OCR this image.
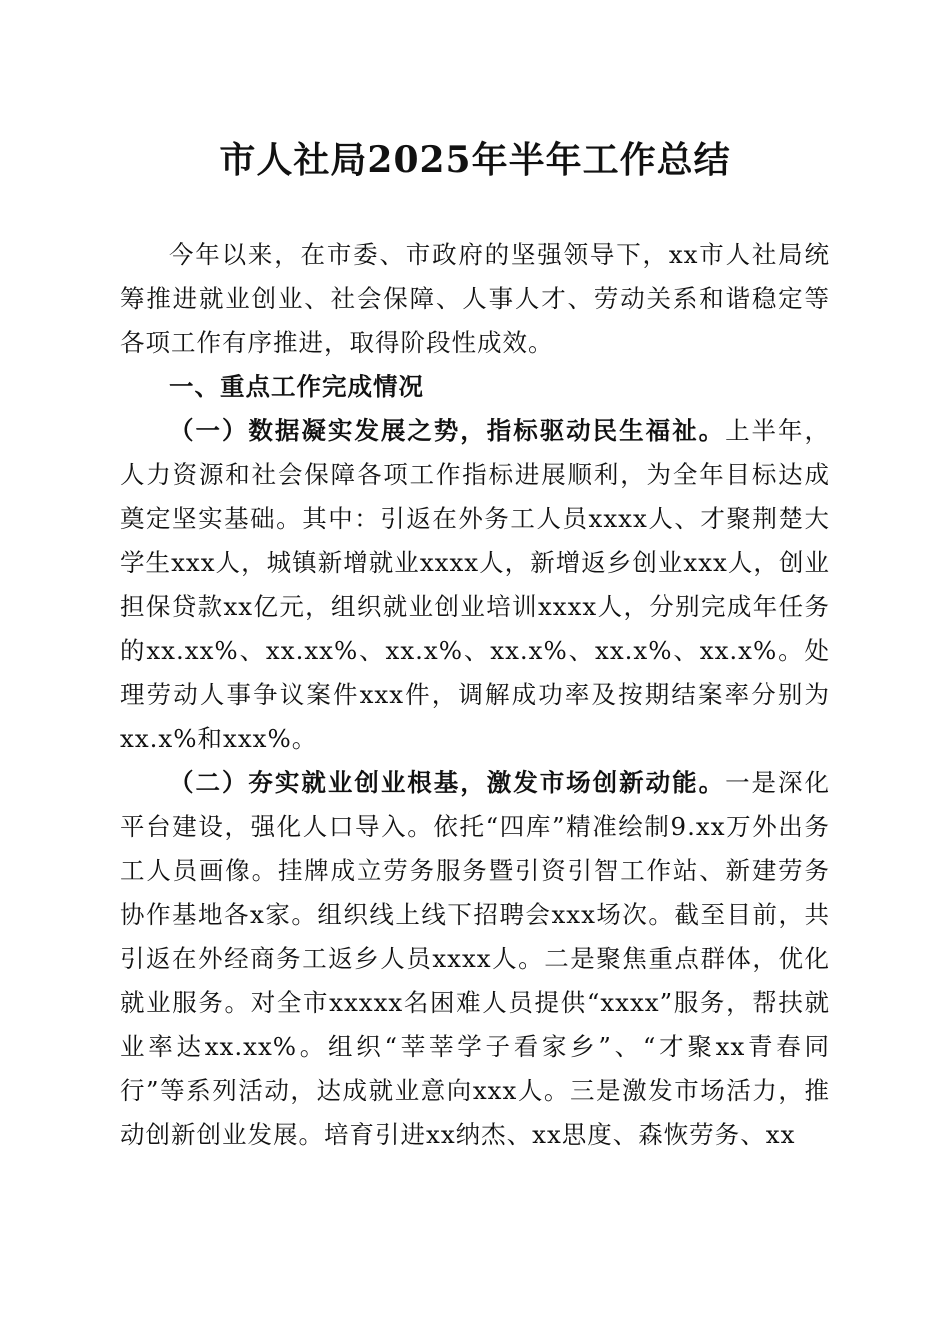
市人社局2025年半年工作总结

今年以来，在市委、市政府的坚强领导下，xx市人社局统筹推进就业创业、社会保障、人事人才、劳动关系和谐稳定等各项工作有序推进，取得阶段性成效。

一、重点工作完成情况

（一）数据凝实发展之势，指标驱动民生福祉。上半年，人力资源和社会保障各项工作指标进展顺利，为全年目标达成奠定坚实基础。其中：引返在外务工人员xxxx人、才聚荆楚大学生xxx人，城镇新增就业xxxx人，新增返乡创业xxx人，创业担保贷款xx亿元，组织就业创业培训xxxx人，分别完成年任务的xx.xx%、xx.xx%、xx.x%、xx.x%、xx.x%、xx.x%。处理劳动人事争议案件xxx件，调解成功率及按期结案率分别为xx.x%和xxx%。

（二）夯实就业创业根基，激发市场创新动能。一是深化平台建设，强化人口导入。依托“四库”精准绘制9.xx万外出务工人员画像。挂牌成立劳务服务暨引资引智工作站、新建劳务协作基地各x家。组织线上线下招聘会xxx场次。截至目前，共引返在外经商务工返乡人员xxxx人。二是聚焦重点群体，优化就业服务。对全市xxxxx名困难人员提供“xxxx”服务，帮扶就业率达xx.xx%。组织“莘莘学子看家乡”、“才聚xx青春同行”等系列活动，达成就业意向xxx人。三是激发市场活力，推动创新创业发展。培育引进xx纳杰、xx思度、森恢劳务、xx
